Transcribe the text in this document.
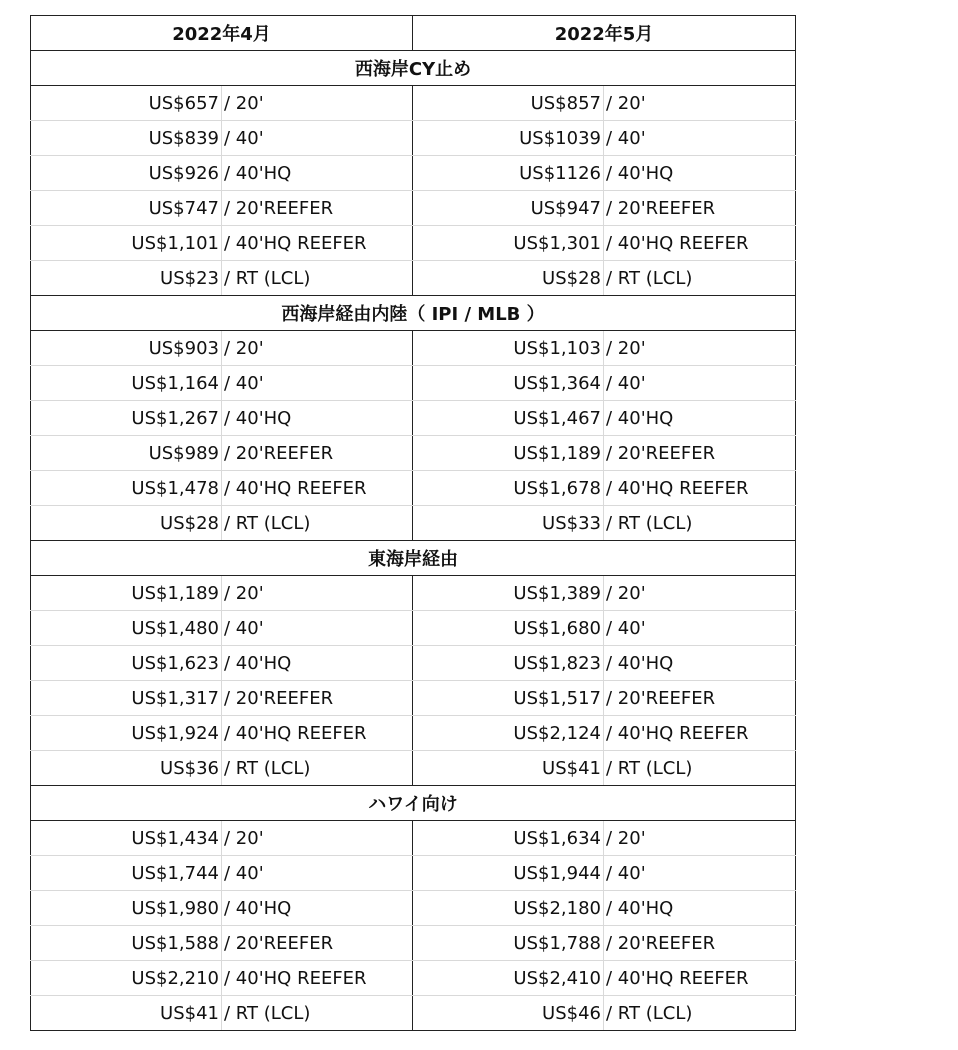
2022年4月		2022年5月	
西海岸CY止め			
US$657	/ 20'	US$857	/ 20'
US$839	/ 40'	US$1039	/ 40'
US$926	/ 40'HQ	US$1126	/ 40'HQ
US$747	/ 20'REEFER	US$947	/ 20'REEFER
US$1,101	/ 40'HQ REEFER	US$1,301	/ 40'HQ REEFER
US$23	/ RT (LCL)	US$28	/ RT (LCL)
西海岸経由内陸（ IPI / MLB ）			
US$903	/ 20'	US$1,103	/ 20'
US$1,164	/ 40'	US$1,364	/ 40'
US$1,267	/ 40'HQ	US$1,467	/ 40'HQ
US$989	/ 20'REEFER	US$1,189	/ 20'REEFER
US$1,478	/ 40'HQ REEFER	US$1,678	/ 40'HQ REEFER
US$28	/ RT (LCL)	US$33	/ RT (LCL)
東海岸経由			
US$1,189	/ 20'	US$1,389	/ 20'
US$1,480	/ 40'	US$1,680	/ 40'
US$1,623	/ 40'HQ	US$1,823	/ 40'HQ
US$1,317	/ 20'REEFER	US$1,517	/ 20'REEFER
US$1,924	/ 40'HQ REEFER	US$2,124	/ 40'HQ REEFER
US$36	/ RT (LCL)	US$41	/ RT (LCL)
ハワイ向け			
US$1,434	/ 20'	US$1,634	/ 20'
US$1,744	/ 40'	US$1,944	/ 40'
US$1,980	/ 40'HQ	US$2,180	/ 40'HQ
US$1,588	/ 20'REEFER	US$1,788	/ 20'REEFER
US$2,210	/ 40'HQ REEFER	US$2,410	/ 40'HQ REEFER
US$41	/ RT (LCL)	US$46	/ RT (LCL)
